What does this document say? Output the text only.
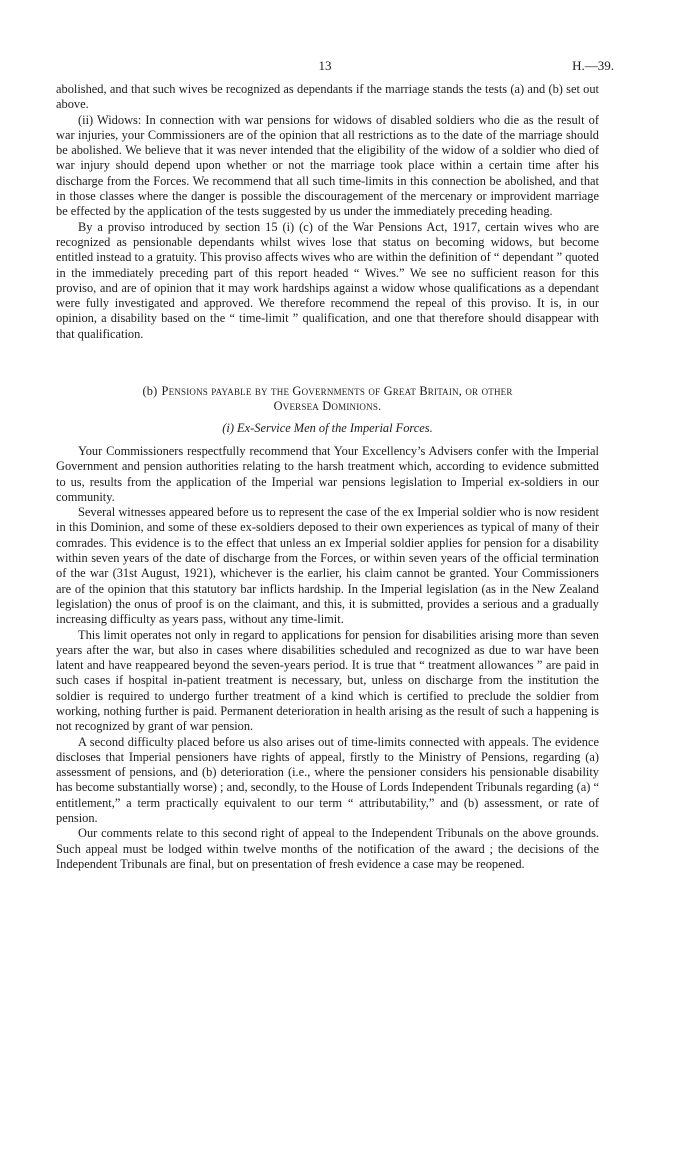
13	H.—39.

abolished, and that such wives be recognized as dependants if the marriage stands the tests (a) and (b) set out above.

(ii) Widows: In connection with war pensions for widows of disabled soldiers who die as the result of war injuries, your Commissioners are of the opinion that all restrictions as to the date of the marriage should be abolished. We believe that it was never intended that the eligibility of the widow of a soldier who died of war injury should depend upon whether or not the marriage took place within a certain time after his discharge from the Forces. We recommend that all such time-limits in this connection be abolished, and that in those classes where the danger is possible the discouragement of the mercenary or improvident marriage be effected by the application of the tests suggested by us under the immediately preceding heading.

By a proviso introduced by section 15 (i) (c) of the War Pensions Act, 1917, certain wives who are recognized as pensionable dependants whilst wives lose that status on becoming widows, but become entitled instead to a gratuity. This proviso affects wives who are within the definition of “ dependant ” quoted in the immediately preceding part of this report headed “ Wives.” We see no sufficient reason for this proviso, and are of opinion that it may work hardships against a widow whose qualifications as a dependant were fully investigated and approved. We therefore recommend the repeal of this proviso. It is, in our opinion, a disability based on the “ time-limit ” qualification, and one that therefore should disappear with that qualification.

(b) Pensions payable by the Governments of Great Britain, or other
Oversea Dominions.
(i) Ex-Service Men of the Imperial Forces.

Your Commissioners respectfully recommend that Your Excellency’s Advisers confer with the Imperial Government and pension authorities relating to the harsh treatment which, according to evidence submitted to us, results from the application of the Imperial war pensions legislation to Imperial ex-soldiers in our community.

Several witnesses appeared before us to represent the case of the ex Imperial soldier who is now resident in this Dominion, and some of these ex-soldiers deposed to their own experiences as typical of many of their comrades. This evidence is to the effect that unless an ex Imperial soldier applies for pension for a disability within seven years of the date of discharge from the Forces, or within seven years of the official termination of the war (31st August, 1921), whichever is the earlier, his claim cannot be granted. Your Commissioners are of the opinion that this statutory bar inflicts hardship. In the Imperial legislation (as in the New Zealand legislation) the onus of proof is on the claimant, and this, it is submitted, provides a serious and a gradually increasing difficulty as years pass, without any time-limit.

This limit operates not only in regard to applications for pension for disabilities arising more than seven years after the war, but also in cases where disabilities scheduled and recognized as due to war have been latent and have reappeared beyond the seven-years period. It is true that “ treatment allowances ” are paid in such cases if hospital in-patient treatment is necessary, but, unless on discharge from the institution the soldier is required to undergo further treatment of a kind which is certified to preclude the soldier from working, nothing further is paid. Permanent deterioration in health arising as the result of such a happening is not recognized by grant of war pension.

A second difficulty placed before us also arises out of time-limits connected with appeals. The evidence discloses that Imperial pensioners have rights of appeal, firstly to the Ministry of Pensions, regarding (a) assessment of pensions, and (b) deterioration (i.e., where the pensioner considers his pensionable disability has become substantially worse) ; and, secondly, to the House of Lords Independent Tribunals regarding (a) “ entitlement,” a term practically equivalent to our term “ attributability,” and (b) assessment, or rate of pension.

Our comments relate to this second right of appeal to the Independent Tribunals on the above grounds. Such appeal must be lodged within twelve months of the notification of the award ; the decisions of the Independent Tribunals are final, but on presentation of fresh evidence a case may be reopened.
